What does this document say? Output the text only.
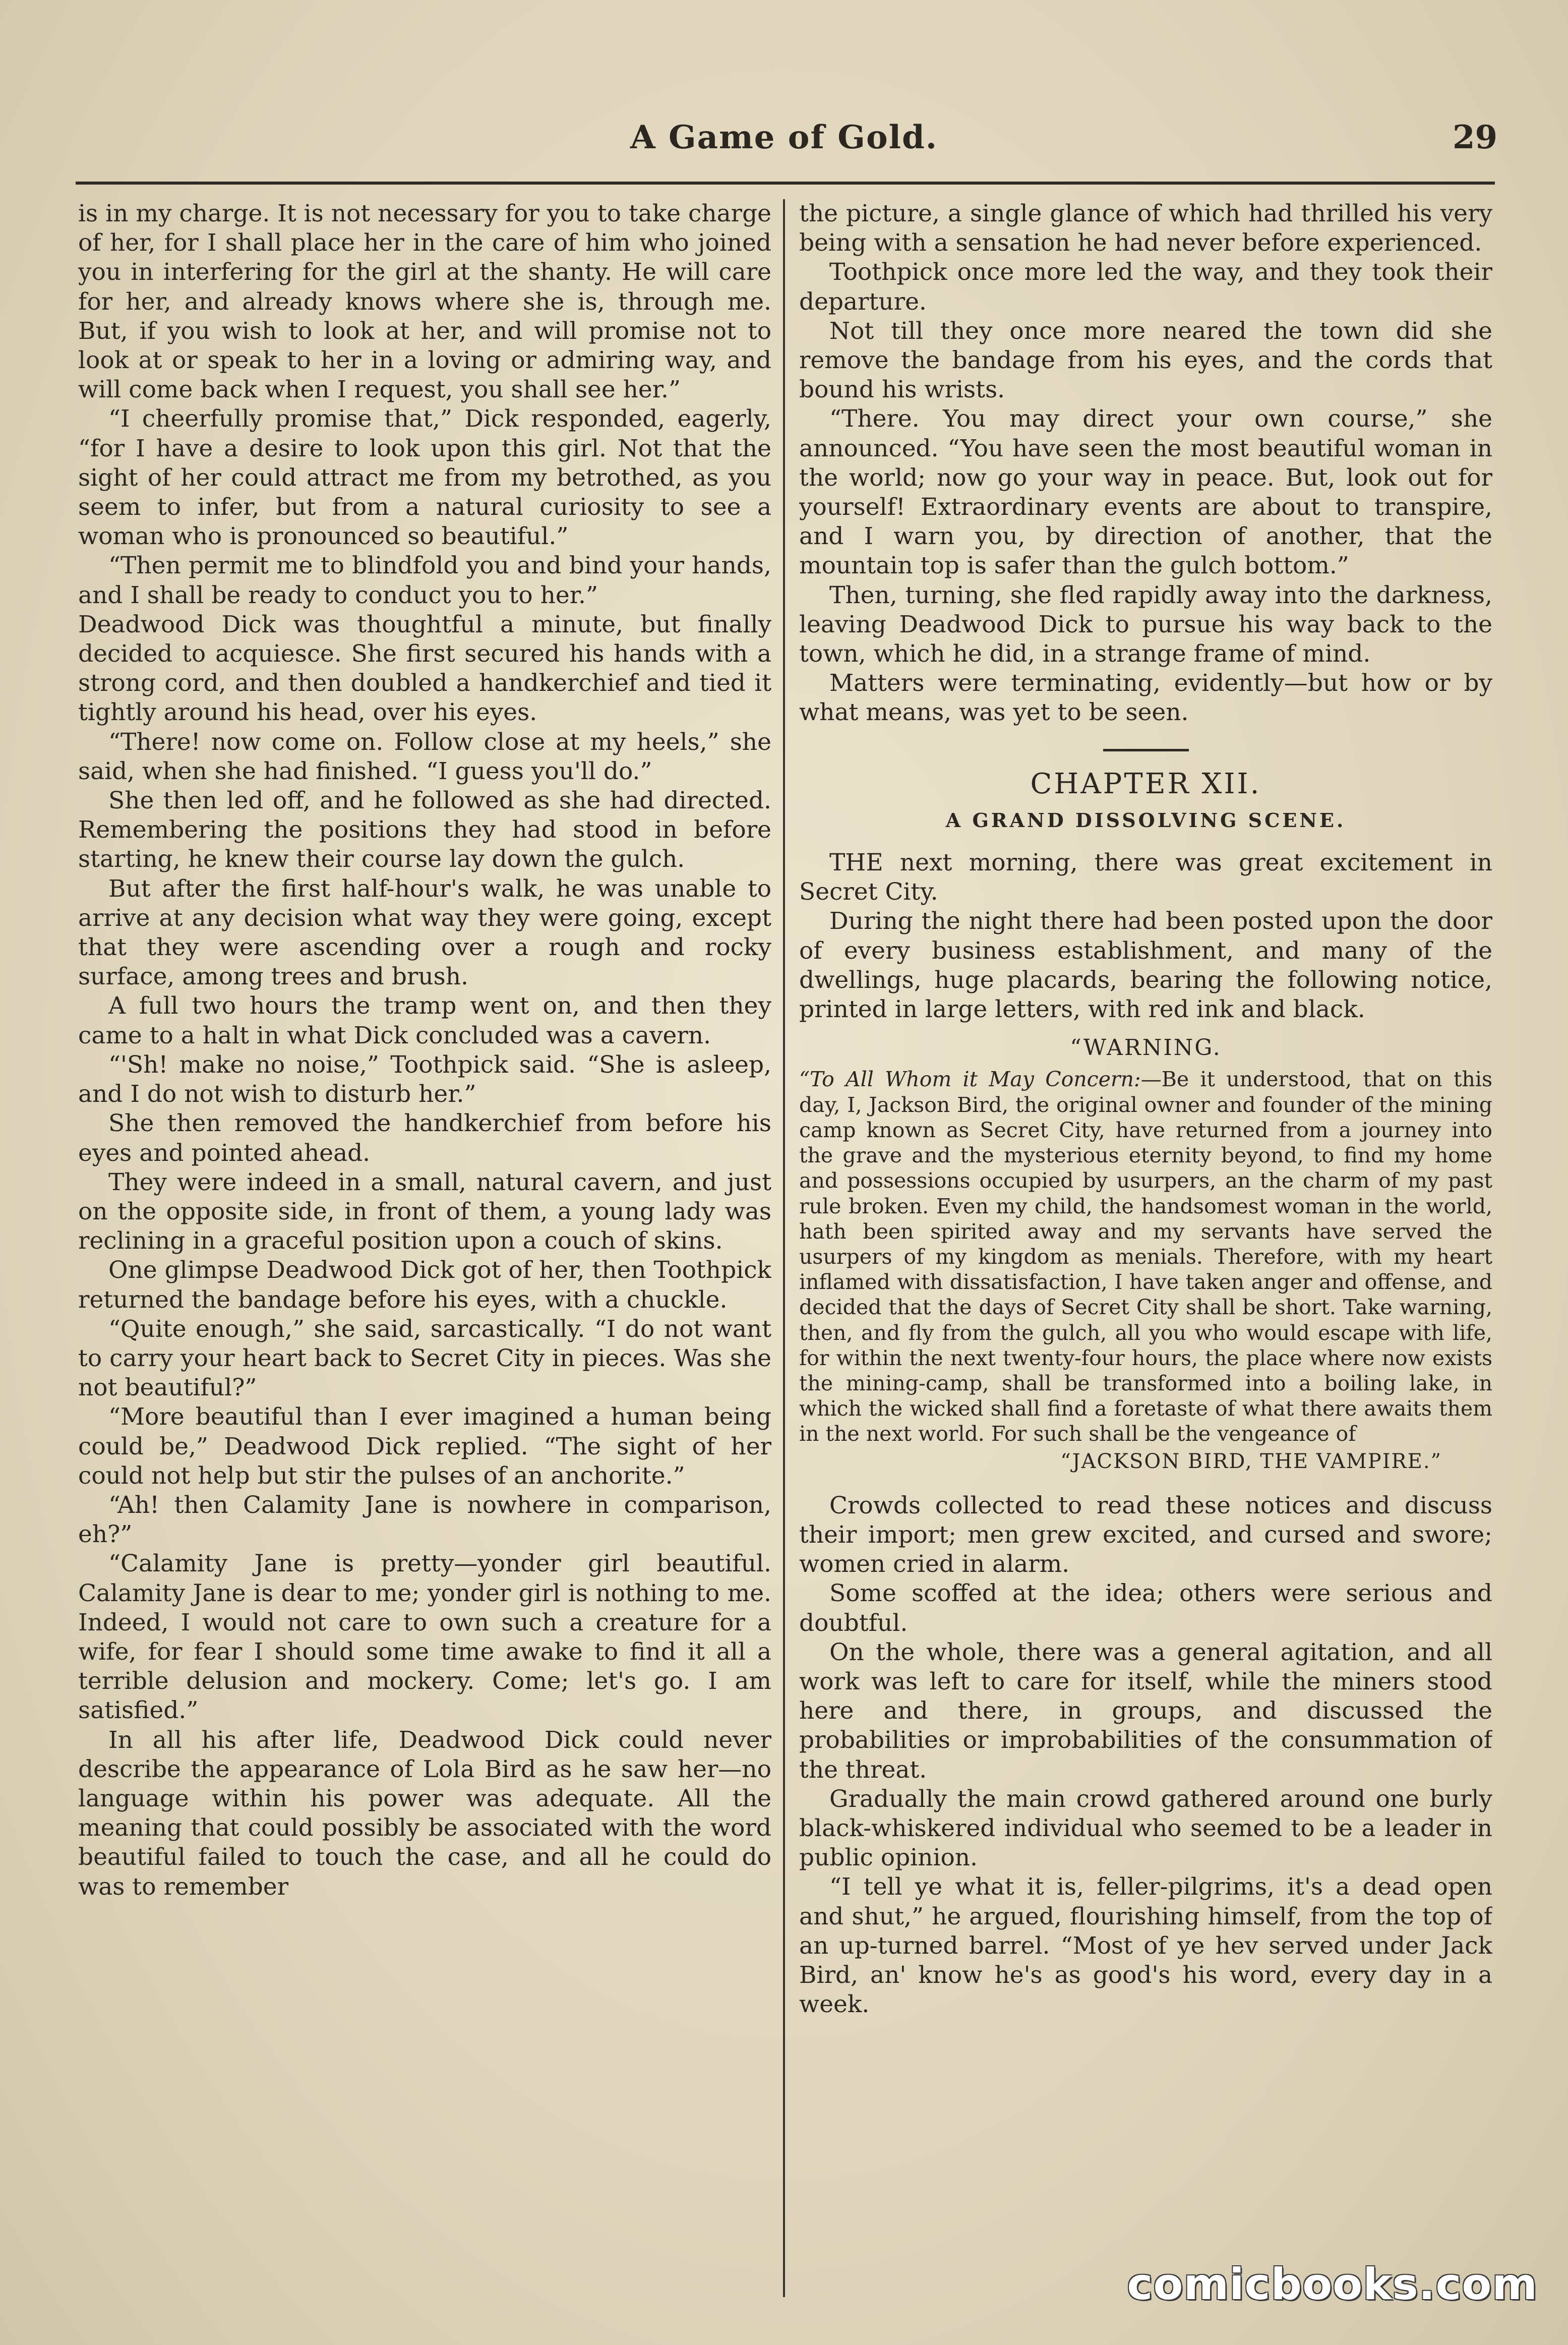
A Game of Gold.	29

is in my charge. It is not necessary for you to take charge of her, for I shall place her in the care of him who joined you in interfering for the girl at the shanty. He will care for her, and already knows where she is, through me. But, if you wish to look at her, and will promise not to look at or speak to her in a loving or admiring way, and will come back when I request, you shall see her.”

“I cheerfully promise that,” Dick responded, eagerly, “for I have a desire to look upon this girl. Not that the sight of her could attract me from my betrothed, as you seem to infer, but from a natural curiosity to see a woman who is pronounced so beautiful.”

“Then permit me to blindfold you and bind your hands, and I shall be ready to conduct you to her.”

Deadwood Dick was thoughtful a minute, but finally decided to acquiesce. She first secured his hands with a strong cord, and then doubled a handkerchief and tied it tightly around his head, over his eyes.

“There! now come on. Follow close at my heels,” she said, when she had finished. “I guess you'll do.”

She then led off, and he followed as she had directed. Remembering the positions they had stood in before starting, he knew their course lay down the gulch.

But after the first half-hour's walk, he was unable to arrive at any decision what way they were going, except that they were ascending over a rough and rocky surface, among trees and brush.

A full two hours the tramp went on, and then they came to a halt in what Dick concluded was a cavern.

“'Sh! make no noise,” Toothpick said. “She is asleep, and I do not wish to disturb her.”

She then removed the handkerchief from before his eyes and pointed ahead.

They were indeed in a small, natural cavern, and just on the opposite side, in front of them, a young lady was reclining in a graceful position upon a couch of skins.

One glimpse Deadwood Dick got of her, then Toothpick returned the bandage before his eyes, with a chuckle.

“Quite enough,” she said, sarcastically. “I do not want to carry your heart back to Secret City in pieces. Was she not beautiful?”

“More beautiful than I ever imagined a human being could be,” Deadwood Dick replied. “The sight of her could not help but stir the pulses of an anchorite.”

“Ah! then Calamity Jane is nowhere in comparison, eh?”

“Calamity Jane is pretty—yonder girl beautiful. Calamity Jane is dear to me; yonder girl is nothing to me. Indeed, I would not care to own such a creature for a wife, for fear I should some time awake to find it all a terrible delusion and mockery. Come; let's go. I am satisfied.”

In all his after life, Deadwood Dick could never describe the appearance of Lola Bird as he saw her—no language within his power was adequate. All the meaning that could possibly be associated with the word beautiful failed to touch the case, and all he could do was to remember

the picture, a single glance of which had thrilled his very being with a sensation he had never before experienced.

Toothpick once more led the way, and they took their departure.

Not till they once more neared the town did she remove the bandage from his eyes, and the cords that bound his wrists.

“There. You may direct your own course,” she announced. “You have seen the most beautiful woman in the world; now go your way in peace. But, look out for yourself! Extraordinary events are about to transpire, and I warn you, by direction of another, that the mountain top is safer than the gulch bottom.”

Then, turning, she fled rapidly away into the darkness, leaving Deadwood Dick to pursue his way back to the town, which he did, in a strange frame of mind.

Matters were terminating, evidently—but how or by what means, was yet to be seen.

CHAPTER XII.
A GRAND DISSOLVING SCENE.

THE next morning, there was great excitement in Secret City.

During the night there had been posted upon the door of every business establishment, and many of the dwellings, huge placards, bearing the following notice, printed in large letters, with red ink and black.

“WARNING.

“To All Whom it May Concern:—Be it understood, that on this day, I, Jackson Bird, the original owner and founder of the mining camp known as Secret City, have returned from a journey into the grave and the mysterious eternity beyond, to find my home and possessions occupied by usurpers, an the charm of my past rule broken. Even my child, the handsomest woman in the world, hath been spirited away and my servants have served the usurpers of my kingdom as menials. Therefore, with my heart inflamed with dissatisfaction, I have taken anger and offense, and decided that the days of Secret City shall be short. Take warning, then, and fly from the gulch, all you who would escape with life, for within the next twenty-four hours, the place where now exists the mining-camp, shall be transformed into a boiling lake, in which the wicked shall find a foretaste of what there awaits them in the next world. For such shall be the vengeance of

“JACKSON BIRD, THE VAMPIRE.”

Crowds collected to read these notices and discuss their import; men grew excited, and cursed and swore; women cried in alarm.

Some scoffed at the idea; others were serious and doubtful.

On the whole, there was a general agitation, and all work was left to care for itself, while the miners stood here and there, in groups, and discussed the probabilities or improbabilities of the consummation of the threat.

Gradually the main crowd gathered around one burly black-whiskered individual who seemed to be a leader in public opinion.

“I tell ye what it is, feller-pilgrims, it's a dead open and shut,” he argued, flourishing himself, from the top of an up-turned barrel. “Most of ye hev served under Jack Bird, an' know he's as good's his word, every day in a week.

comicbooks.com
